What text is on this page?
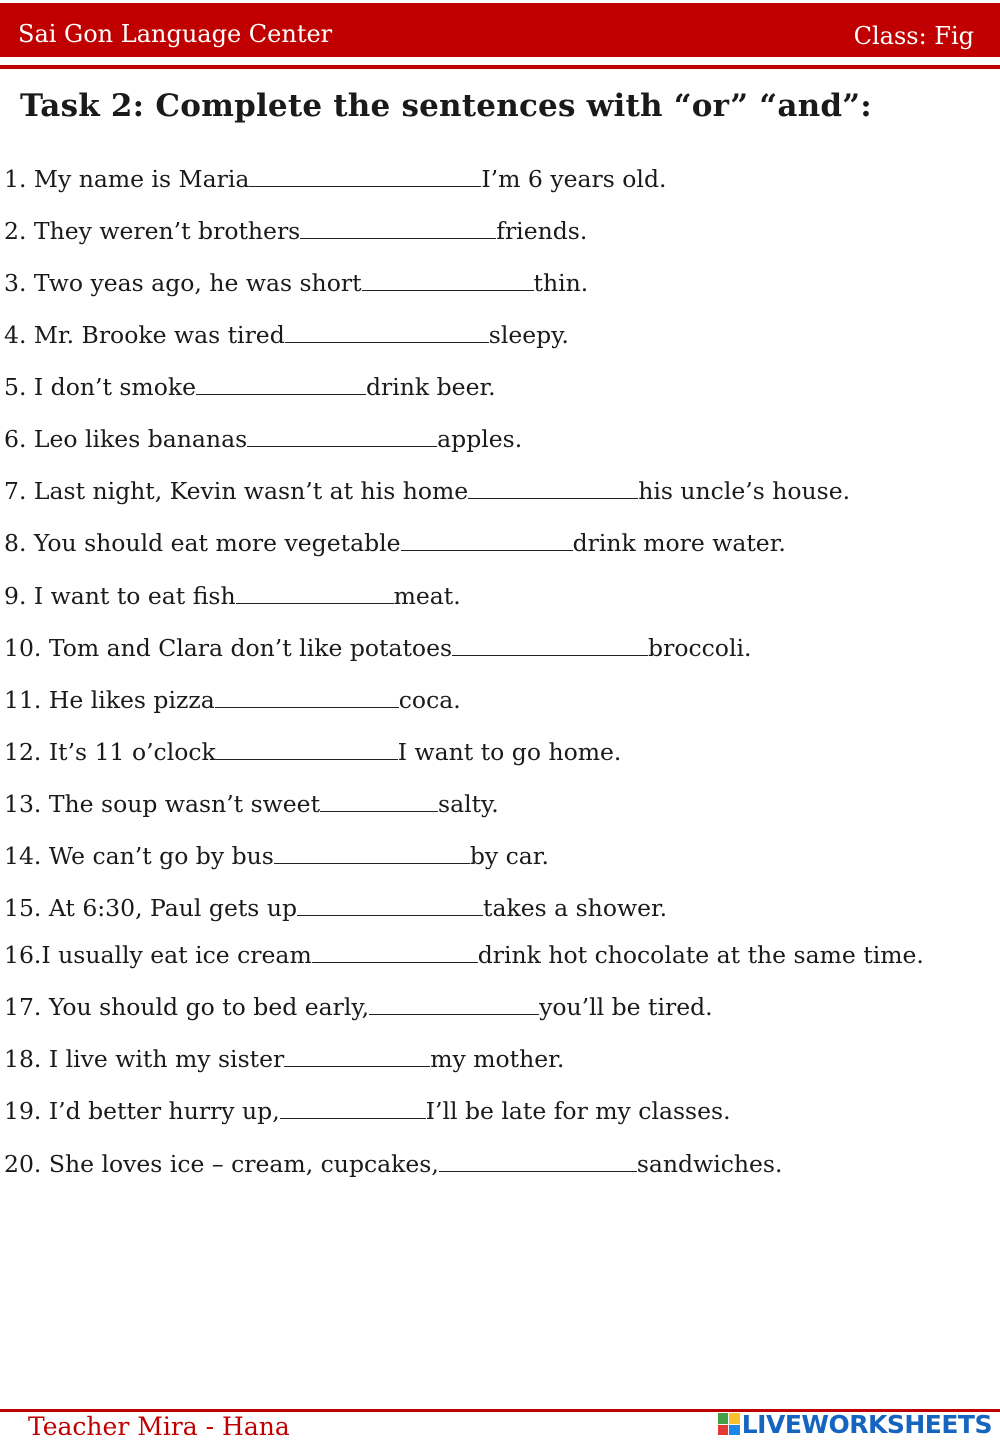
Sai Gon Language Center	Class: Fig
Task 2: Complete the sentences with “or” “and”:
1. My name is Maria	I’m 6 years old.
2. They weren’t brothers	friends.
3. Two yeas ago, he was short	thin.
4. Mr. Brooke was tired	sleepy.
5. I don’t smoke	drink beer.
6. Leo likes bananas	apples.
7. Last night, Kevin wasn’t at his home	his uncle’s house.
8. You should eat more vegetable	drink more water.
9. I want to eat fish	meat.
10. Tom and Clara don’t like potatoes	broccoli.
11. He likes pizza	coca.
12. It’s 11 o’clock	I want to go home.
13. The soup wasn’t sweet	salty.
14. We can’t go by bus	by car.
15. At 6:30, Paul gets up	takes a shower.
16.I usually eat ice cream	drink hot chocolate at the same time.
17. You should go to bed early,	you’ll be tired.
18. I live with my sister	my mother.
19. I’d better hurry up,	I’ll be late for my classes.
20. She loves ice – cream, cupcakes,	sandwiches.
Teacher Mira - Hana	LIVEWORKSHEETS
